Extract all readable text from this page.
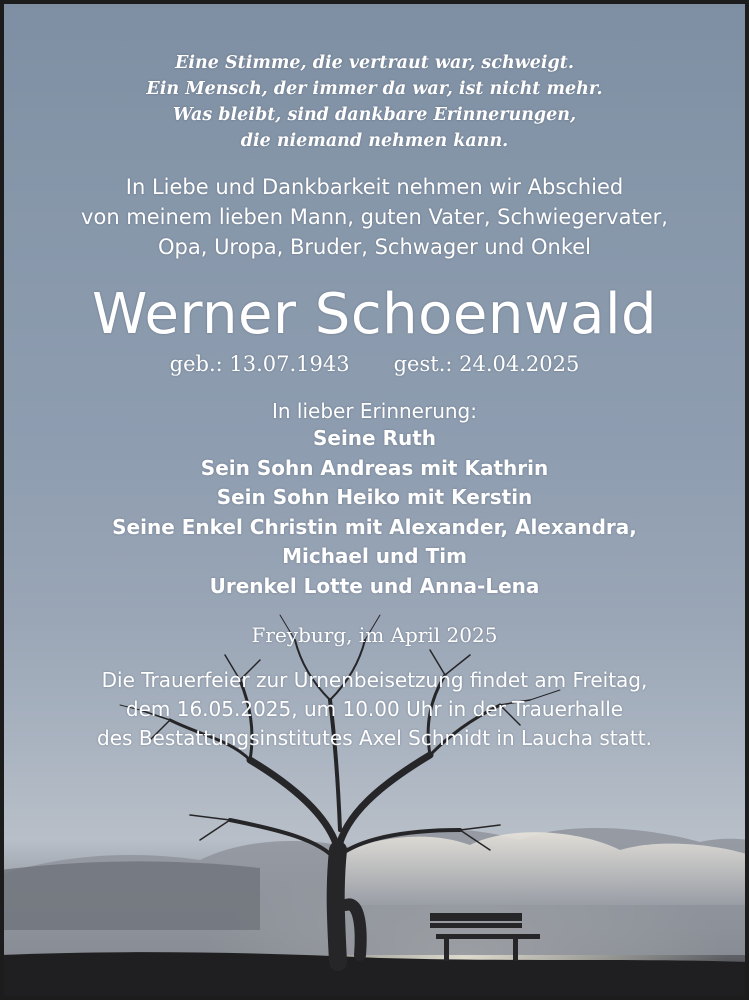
Eine Stimme, die vertraut war, schweigt.
Ein Mensch, der immer da war, ist nicht mehr.
Was bleibt, sind dankbare Erinnerungen,
die niemand nehmen kann.
In Liebe und Dankbarkeit nehmen wir Abschied
von meinem lieben Mann, guten Vater, Schwiegervater,
Opa, Uropa, Bruder, Schwager und Onkel
Werner Schoenwald
geb.: 13.07.1943 gest.: 24.04.2025
In lieber Erinnerung:
Seine Ruth
Sein Sohn Andreas mit Kathrin
Sein Sohn Heiko mit Kerstin
Seine Enkel Christin mit Alexander, Alexandra,
Michael und Tim
Urenkel Lotte und Anna-Lena
Freyburg, im April 2025
Die Trauerfeier zur Urnenbeisetzung findet am Freitag,
dem 16.05.2025, um 10.00 Uhr in der Trauerhalle
des Bestattungsinstitutes Axel Schmidt in Laucha statt.
